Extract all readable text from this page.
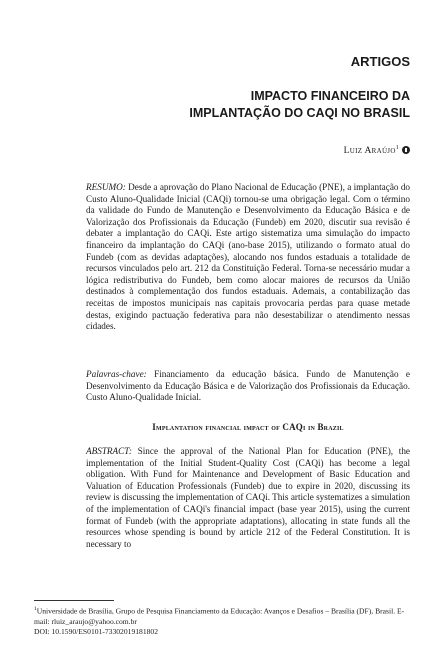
ARTIGOS
IMPACTO FINANCEIRO DA
IMPLANTAÇÃO DO CAQI NO BRASIL
Luiz Araújo$^1$
RESUMO: Desde a aprovação do Plano Nacional de Educação (PNE), a implantação do Custo Aluno-Qualidade Inicial (CAQi) tornou-se uma obrigação legal. Com o término da validade do Fundo de Manutenção e Desenvolvimento da Educação Básica e de Valorização dos Profissionais da Educação (Fundeb) em 2020, discutir sua revisão é debater a implantação do CAQi. Este artigo sistematiza uma simulação do impacto financeiro da implantação do CAQi (ano-base 2015), utilizando o formato atual do Fundeb (com as devidas adaptações), alocando nos fundos estaduais a totalidade de recursos vinculados pelo art. 212 da Constituição Federal. Torna-se necessário mudar a lógica redistributiva do Fundeb, bem como alocar maiores de recursos da União destinados à complementação dos fundos estaduais. Ademais, a contabilização das receitas de impostos municipais nas capitais provocaria perdas para quase metade destas, exigindo pactuação federativa para não desestabilizar o atendimento nessas cidades.
Palavras-chave: Financiamento da educação básica. Fundo de Manutenção e Desenvolvimento da Educação Básica e de Valorização dos Profissionais da Educação. Custo Aluno-Qualidade Inicial.
Implantation financial impact of CAQi in Brazil
ABSTRACT: Since the approval of the National Plan for Education (PNE), the implementation of the Initial Student-Quality Cost (CAQi) has become a legal obligation. With Fund for Maintenance and Development of Basic Education and Valuation of Education Professionals (Fundeb) due to expire in 2020, discussing its review is discussing the implementation of CAQi. This article systematizes a simulation of the implementation of CAQi's financial impact (base year 2015), using the current format of Fundeb (with the appropriate adaptations), allocating in state funds all the resources whose spending is bound by article 212 of the Federal Constitution. It is necessary to
$^1$Universidade de Brasília, Grupo de Pesquisa Financiamento da Educação: Avanços e Desafios – Brasília (DF), Brasil. E-mail: rluiz_araujo@yahoo.com.br
DOI: 10.1590/ES0101-73302019181802
